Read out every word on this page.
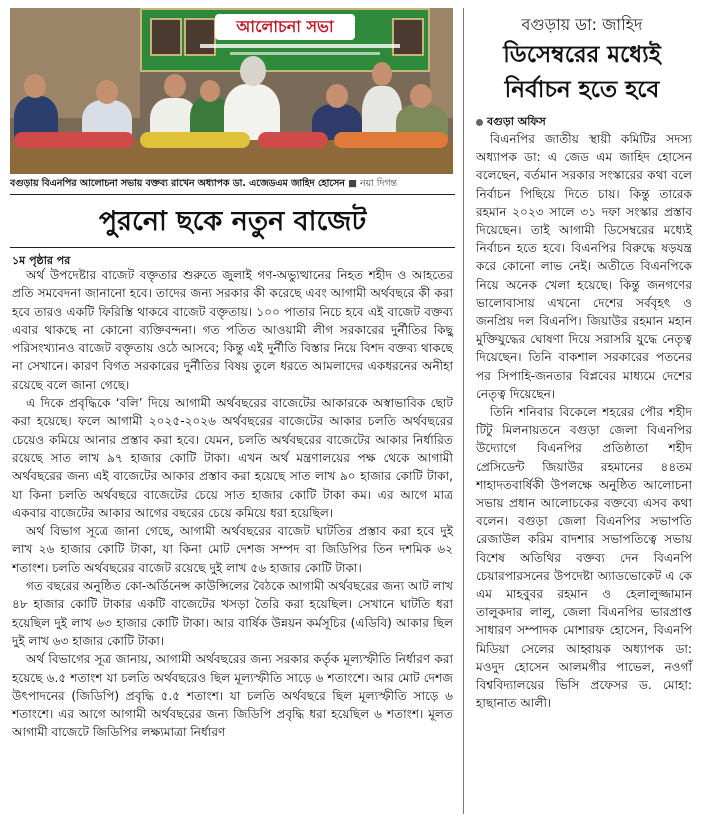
আলোচনা সভা
বগুড়ায় বিএনপির আলোচনা সভায় বক্তব্য রাখেন অধ্যাপক ডা. এজেডএম জাহিদ হোসেন ■ নয়া দিগন্ত
পুরনো ছকে নতুন বাজেট
১ম পৃষ্ঠার পর

অর্থ উপদেষ্টার বাজেট বক্তৃতার শুরুতে জুলাই গণ-অভ্যুত্থানের নিহত শহীদ ও আহতের প্রতি সমবেদনা জানানো হবে। তাদের জন্য সরকার কী করেছে এবং আগামী অর্থবছরে কী করা হবে তারও একটি ফিরিস্তি থাকবে বাজেট বক্তৃতায়। ১০০ পাতার নিচে হবে এই বাজেট বক্তব্য এবার থাকছে না কোনো ব্যক্তিবন্দনা। গত পতিত আওয়ামী লীগ সরকারের দুর্নীতির কিছু পরিসংখ্যানও বাজেট বক্তৃতায় ওঠে আসবে; কিন্তু এই দুর্নীতি বিস্তার নিয়ে বিশদ বক্তব্য থাকছে না সেখানে। কারণ বিগত সরকারের দুর্নীতির বিষয় তুলে ধরতে আমলাদের একধরনের অনীহা রয়েছে বলে জানা গেছে।

এ দিকে প্রবৃদ্ধিকে ‘বলি’ দিয়ে আগামী অর্থবছরের বাজেটের আকারকে অস্বাভাবিক ছোট করা হয়েছে। ফলে আগামী ২০২৫-২০২৬ অর্থবছরের বাজেটের আকার চলতি অর্থবছরের চেয়েও কমিয়ে আনার প্রস্তাব করা হবে। যেমন, চলতি অর্থবছরের বাজেটের আকার নির্ধারিত রয়েছে সাত লাখ ৯৭ হাজার কোটি টাকা। এখন অর্থ মন্ত্রণালয়ের পক্ষ থেকে আগামী অর্থবছরের জন্য এই বাজেটের আকার প্রস্তাব করা হয়েছে সাত লাখ ৯০ হাজার কোটি টাকা, যা কিনা চলতি অর্থবছরে বাজেটের চেয়ে সাত হাজার কোটি টাকা কম। এর আগে মাত্র একবার বাজেটের আকার আগের বছরের চেয়ে কমিয়ে ধরা হয়েছিল।

অর্থ বিভাগ সূত্রে জানা গেছে, আগামী অর্থবছরের বাজেট ঘাটতির প্রস্তাব করা হবে দুই লাখ ২৬ হাজার কোটি টাকা, যা কিনা মোট দেশজ সম্পদ বা জিডিপির তিন দশমিক ৬২ শতাংশ। চলতি অর্থবছরের বাজেট রয়েছে দুই লাখ ৫৬ হাজার কোটি টাকা।

গত বছরের অনুষ্ঠিত কো-অর্ডিনেন্স কাউন্সিলের বৈঠকে আগামী অর্থবছরের জন্য আট লাখ ৪৮ হাজার কোটি টাকার একটি বাজেটের খসড়া তৈরি করা হয়েছিল। সেখানে ঘাটতি ধরা হয়েছিল দুই লাখ ৬৩ হাজার কোটি টাকা। আর বার্ষিক উন্নয়ন কর্মসূচির (এডিবি) আকার ছিল দুই লাখ ৬৩ হাজার কোটি টাকা।

অর্থ বিভাগের সূত্র জানায়, আগামী অর্থবছরের জন্য সরকার কর্তৃক মূল্যস্ফীতি নির্ধারণ করা হয়েছে ৬.৫ শতাংশ যা চলতি অর্থবছরেও ছিল মূল্যস্ফীতি সাড়ে ৬ শতাংশে। আর মোট দেশজ উৎপাদনের (জিডিপি) প্রবৃদ্ধি ৫.৫ শতাংশ। যা চলতি অর্থবছরে ছিল মূল্যস্ফীতি সাড়ে ৬ শতাংশে। এর আগে আগামী অর্থবছরের জন্য জিডিপি প্রবৃদ্ধি ধরা হয়েছিল ৬ শতাংশ। মূলত আগামী বাজেটে জিডিপির লক্ষ্যমাত্রা নির্ধারণ

বগুড়ায় ডা: জাহিদ
ডিসেম্বরের মধ্যেই নির্বাচন হতে হবে
বগুড়া অফিস

বিএনপির জাতীয় স্থায়ী কমিটির সদস্য অধ্যাপক ডা: এ জেড এম জাহিদ হোসেন বলেছেন, বর্তমান সরকার সংস্কারের কথা বলে নির্বাচন পিছিয়ে দিতে চায়। কিন্তু তারেক রহমান ২০২৩ সালে ৩১ দফা সংস্কার প্রস্তাব দিয়েছেন। তাই আগামী ডিসেম্বরের মধ্যেই নির্বাচন হতে হবে। বিএনপির বিরুদ্ধে ষড়যন্ত্র করে কোনো লাভ নেই। অতীতে বিএনপিকে নিয়ে অনেক খেলা হয়েছে। কিন্তু জনগণের ভালোবাসায় এখনো দেশের সর্ববৃহৎ ও জনপ্রিয় দল বিএনপি। জিয়াউর রহমান মহান মুক্তিযুদ্ধের ঘোষণা দিয়ে সরাসরি যুদ্ধে নেতৃত্ব দিয়েছেন। তিনি বাকশাল সরকারের পতনের পর সিপাহি-জনতার বিপ্লবের মাধ্যমে দেশের নেতৃত্ব দিয়েছেন।

তিনি শনিবার বিকেলে শহরের পৌর শহীদ টিটু মিলনায়তনে বগুড়া জেলা বিএনপির উদ্যোগে বিএনপির প্রতিষ্ঠাতা শহীদ প্রেসিডেন্ট জিয়াউর রহমানের ৪৪তম শাহাদতবার্ষিকী উপলক্ষে অনুষ্ঠিত আলোচনা সভায় প্রধান আলোচকের বক্তব্যে এসব কথা বলেন। বগুড়া জেলা বিএনপির সভাপতি রেজাউল করিম বাদশার সভাপতিত্বে সভায় বিশেষ অতিথির বক্তব্য দেন বিএনপি চেয়ারপারসনের উপদেষ্টা অ্যাডভোকেট এ কে এম মাহবুবর রহমান ও হেলালুজ্জামান তালুকদার লালু, জেলা বিএনপির ভারপ্রাপ্ত সাধারণ সম্পাদক মোশারফ হোসেন, বিএনপি মিডিয়া সেলের আহ্বায়ক অধ্যাপক ডা: মওদুদ হোসেন আলমগীর পাভেল, নওগাঁ বিশ্ববিদ্যালয়ের ভিসি প্রফেসর ড. মোহা: হাছানাত আলী।
